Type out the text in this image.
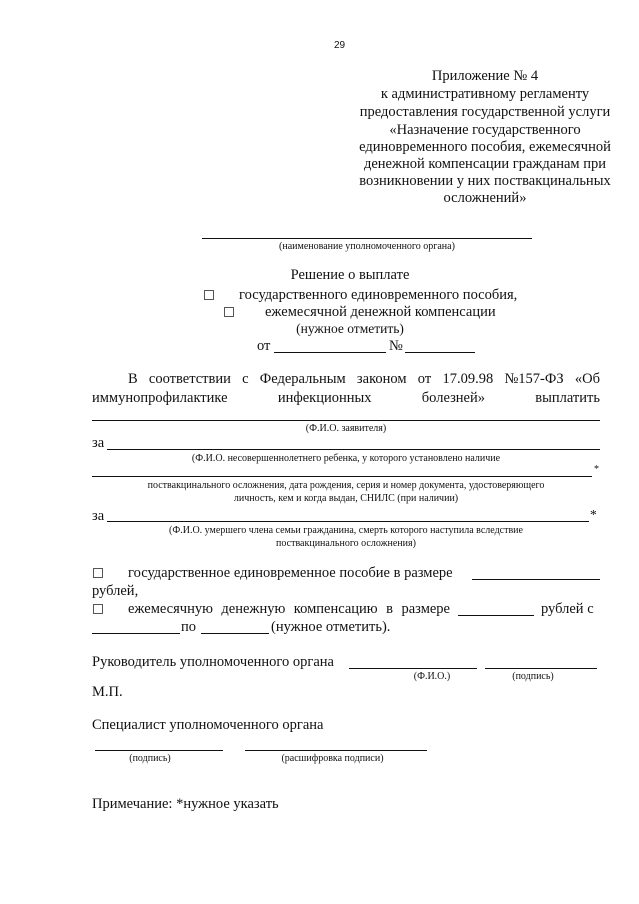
29
Приложение № 4
к административному регламенту
предоставления государственной услуги
«Назначение государственного
единовременного пособия, ежемесячной
денежной компенсации гражданам при
возникновении у них поствакцинальных
осложнений»
(наименование уполномоченного органа)
Решение о выплате
государственного единовременного пособия,
ежемесячной денежной компенсации
(нужное отметить)
от	№
В соответствии с Федеральным законом от 17.09.98 №157-ФЗ «Об
иммунопрофилактике	инфекционных	болезней»	выплатить
(Ф.И.О. заявителя)
за
(Ф.И.О. несовершеннолетнего ребенка, у которого установлено наличие
*
поствакцинального осложнения, дата рождения, серия и номер документа, удостоверяющего
личность, кем и когда выдан, СНИЛС (при наличии)
за	*
(Ф.И.О. умершего члена семьи гражданина, смерть которого наступила вследствие
поствакцинального осложнения)
государственное единовременное пособие в размере
рублей,
ежемесячную денежную компенсацию в размере	рублей с
по	(нужное отметить).
Руководитель уполномоченного органа
(Ф.И.О.)	(подпись)
М.П.
Специалист уполномоченного органа
(подпись)	(расшифровка подписи)
Примечание: *нужное указать
